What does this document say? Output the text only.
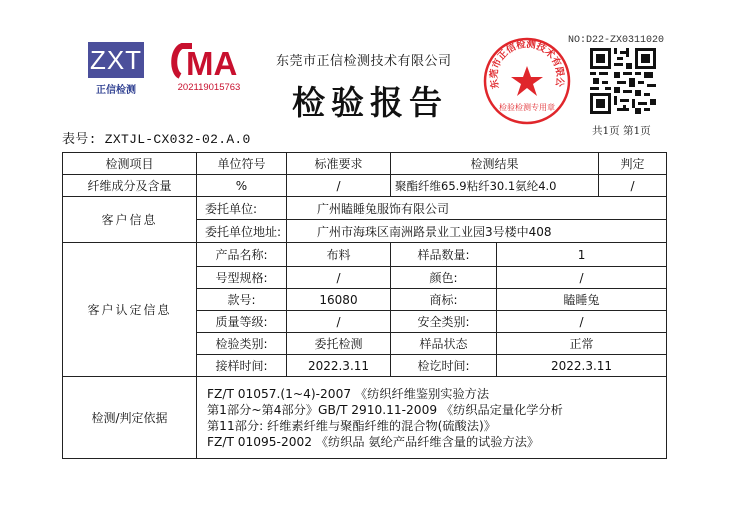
ZXT
正信检测
MA
202119015763
东莞市正信检测技术有限公司
检验报告	东莞市正信检测技术有限公
检验检测专用章
NO:D22-ZX0311020
共1页 第1页
表号: ZXTJL-CX032-02.A.0
检测项目	单位符号	标准要求	检测结果		判定
纤维成分及含量	%	/	聚酯纤维65.9粘纤30.1氨纶4.0		/
客户信息	委托单位:	广州瞌睡兔服饰有限公司			
	委托单位地址:	广州市海珠区南洲路景业工业园3号楼中408			
客户认定信息	产品名称:	布料	样品数量:	1	
	号型规格:	/	颜色:	/	
	款号:	16080	商标:	瞌睡兔	
	质量等级:	/	安全类别:	/	
	检验类别:	委托检测	样品状态	正常	
	接样时间:	2022.3.11	检讫时间:	2022.3.11	
检测/判定依据	FZ/T 01057.(1~4)-2007 《纺织纤维鉴别实验方法
第1部分~第4部分》GB/T 2910.11-2009 《纺织品定量化学分析
第11部分: 纤维素纤维与聚酯纤维的混合物(硫酸法)》
FZ/T 01095-2002 《纺织品 氨纶产品纤维含量的试验方法》				
